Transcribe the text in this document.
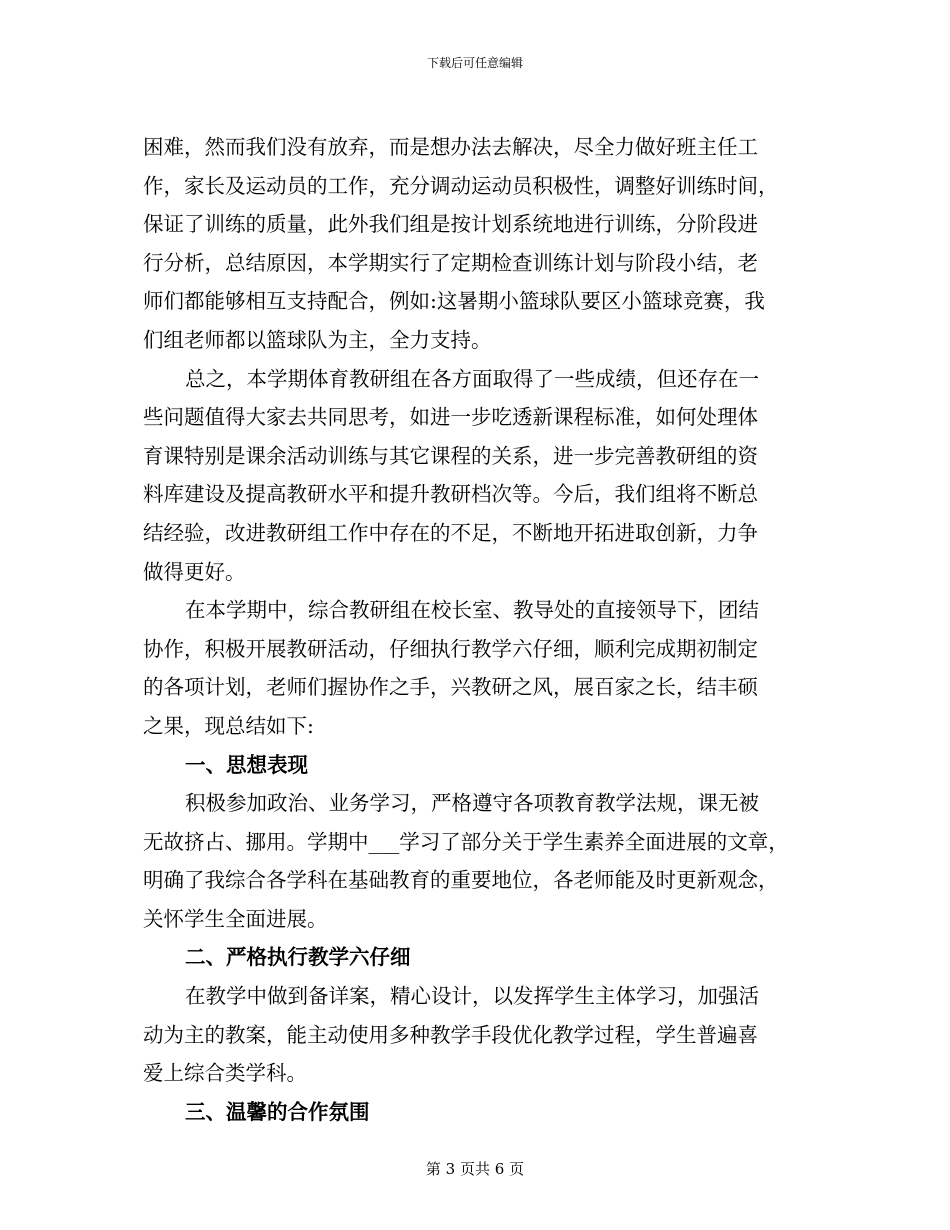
下载后可任意编辑
困难，然而我们没有放弃，而是想办法去解决，尽全力做好班主任工
作，家长及运动员的工作，充分调动运动员积极性，调整好训练时间，
保证了训练的质量，此外我们组是按计划系统地进行训练，分阶段进
行分析，总结原因，本学期实行了定期检查训练计划与阶段小结，老
师们都能够相互支持配合，例如:这暑期小篮球队要区小篮球竞赛，我
们组老师都以篮球队为主，全力支持。
总之，本学期体育教研组在各方面取得了一些成绩，但还存在一
些问题值得大家去共同思考，如进一步吃透新课程标准，如何处理体
育课特别是课余活动训练与其它课程的关系，进一步完善教研组的资
料库建设及提高教研水平和提升教研档次等。今后，我们组将不断总
结经验，改进教研组工作中存在的不足，不断地开拓进取创新，力争
做得更好。
在本学期中，综合教研组在校长室、教导处的直接领导下，团结
协作，积极开展教研活动，仔细执行教学六仔细，顺利完成期初制定
的各项计划，老师们握协作之手，兴教研之风，展百家之长，结丰硕
之果，现总结如下:
一、思想表现
积极参加政治、业务学习，严格遵守各项教育教学法规，课无被
无故挤占、挪用。学期中___学习了部分关于学生素养全面进展的文章，
明确了我综合各学科在基础教育的重要地位，各老师能及时更新观念，
关怀学生全面进展。
二、严格执行教学六仔细
在教学中做到备详案，精心设计，以发挥学生主体学习，加强活
动为主的教案，能主动使用多种教学手段优化教学过程，学生普遍喜
爱上综合类学科。
三、温馨的合作氛围
第 3 页共 6 页
